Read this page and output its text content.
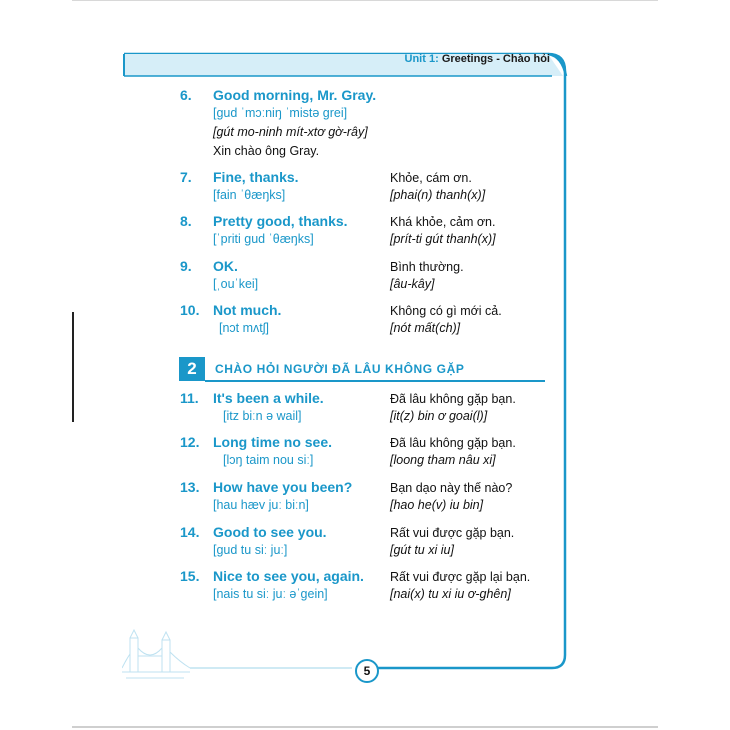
Unit 1: Greetings - Chào hỏi
6. Good morning, Mr. Gray.
[gud ˈmɔːniŋ ˈmistə grei]
[gút mo-ninh mít-xtơ gờ-rây]
Xin chào ông Gray.
7. Fine, thanks.
[fain ˈθæŋks]
Khỏe, cám ơn.
[phai(n) thanh(x)]
8. Pretty good, thanks.
[ˈpriti gud ˈθæŋks]
Khá khỏe, cảm ơn.
[prít-ti gút thanh(x)]
9. OK.
[ˌouˈkei]
Bình thường.
[âu-kây]
10. Not much.
[nɔt mʌtʃ]
Không có gì mới cả.
[nót mất(ch)]
2	CHÀO HỎI NGƯỜI ĐÃ LÂU KHÔNG GẶP
11. It's been a while.
[itz biːn ə wail]
Đã lâu không gặp bạn.
[it(z) bin ơ goai(l)]
12. Long time no see.
[lɔŋ taim nou siː]
Đã lâu không gặp bạn.
[loong tham nâu xi]
13. How have you been?
[hau hæv juː biːn]
Bạn dạo này thế nào?
[hao he(v) iu bin]
14. Good to see you.
[gud tu siː juː]
Rất vui được gặp bạn.
[gút tu xi iu]
15. Nice to see you, again.
[nais tu siː juː əˈgein]
Rất vui được gặp lại bạn.
[nai(x) tu xi iu ơ-ghên]
5
